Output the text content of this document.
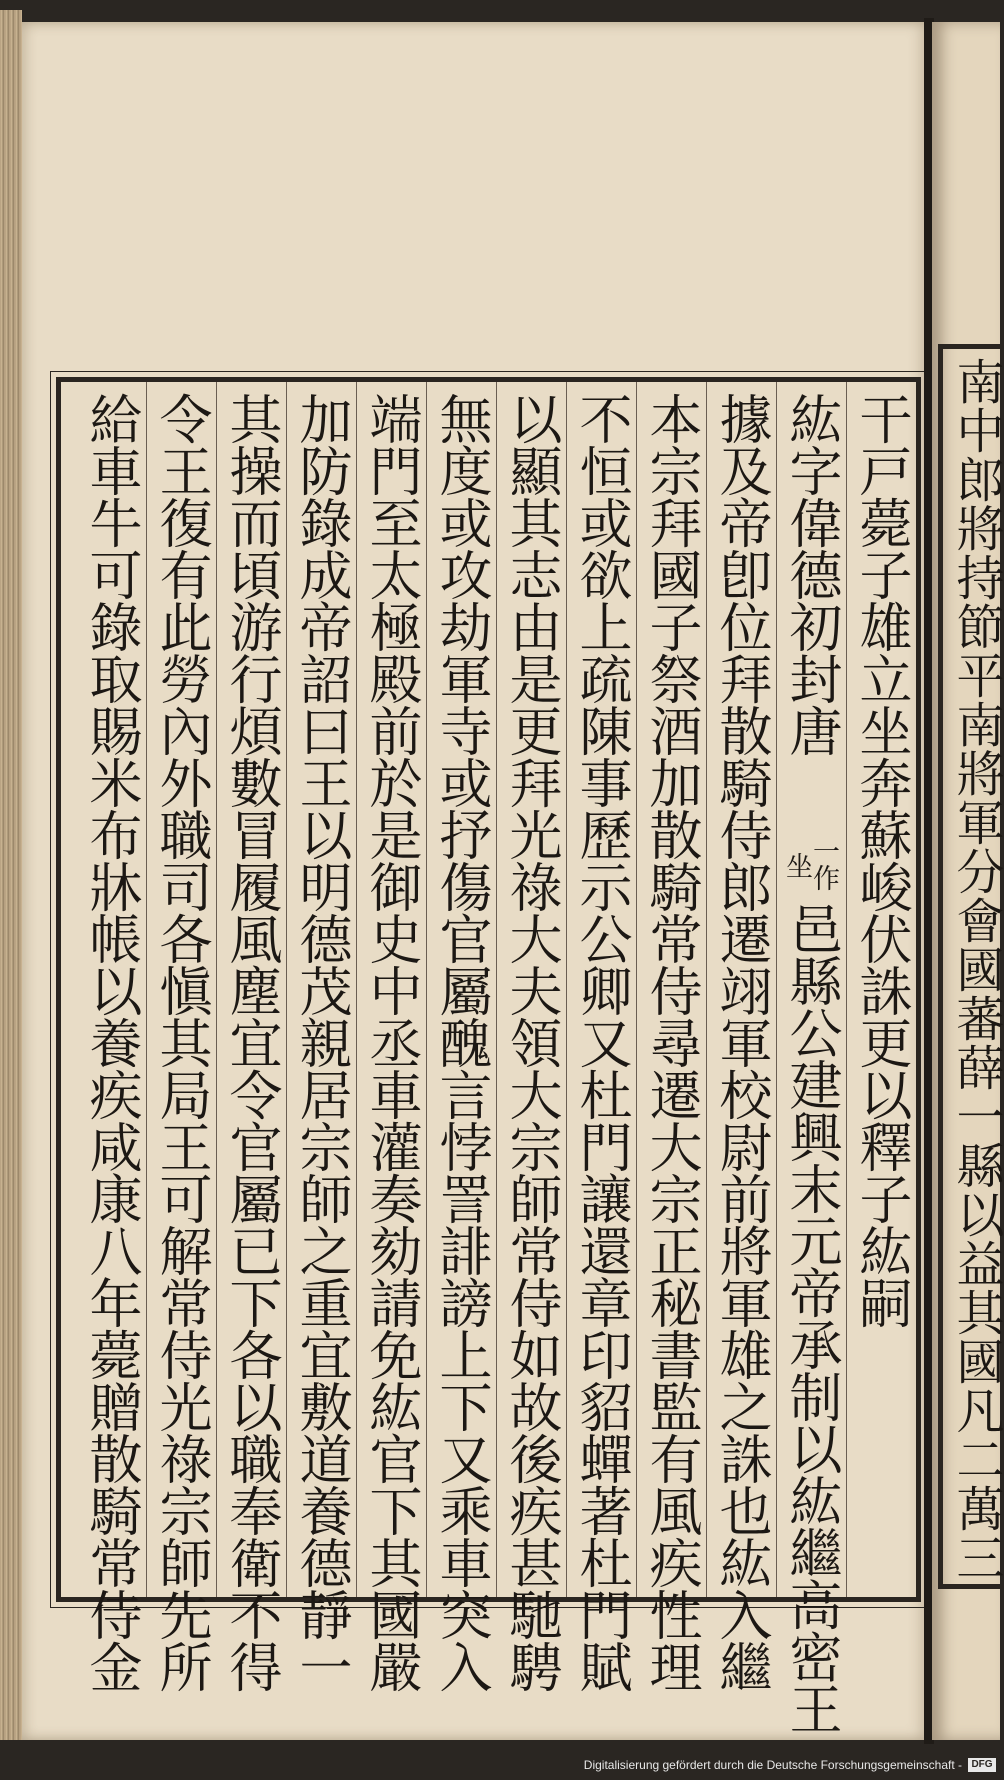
干戸薨子雄立坐奔蘇峻伏誅更以釋子紘嗣
紘字偉德初封唐
邑縣公建興末元帝承制以紘繼高密王
一作
坐
據及帝卽位拜散騎侍郎遷翊軍校尉前將軍雄之誅也紘入繼
本宗拜國子祭酒加散騎常侍尋遷大宗正秘書監有風疾性理
不恒或欲上疏陳事歷示公卿又杜門讓還章印貂蟬著杜門賦
以顯其志由是更拜光祿大夫領大宗師常侍如故後疾甚馳騁
無度或攻劫軍寺或抒傷官屬醜言悖詈誹謗上下又乘車突入
端門至太極殿前於是御史中丞車灌奏劾請免紘官下其國嚴
加防錄成帝詔曰王以明德茂親居宗師之重宜敷道養德靜一
其操而頃游行煩數冒履風塵宜令官屬已下各以職奉衛不得
令王復有此勞內外職司各愼其局王可解常侍光祿宗師先所
給車牛可錄取賜米布牀帳以養疾咸康八年薨贈散騎常侍金	南中郎將持節平南將軍分會國蕃薛一縣以益其國凡二萬三
Digitalisierung gefördert durch die Deutsche Forschungsgemeinschaft - DFG
